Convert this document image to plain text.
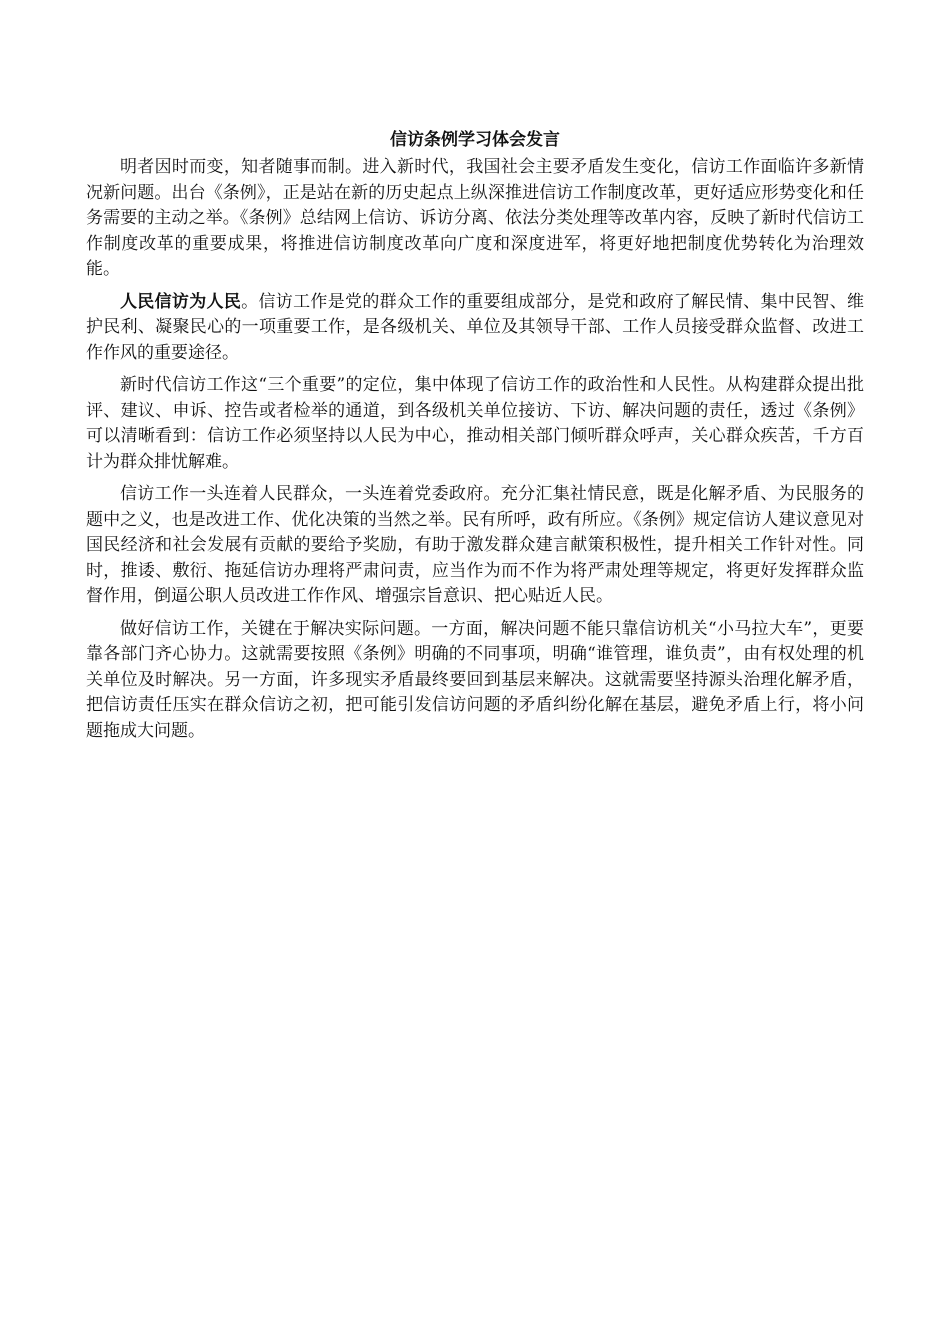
信访条例学习体会发言

明者因时而变，知者随事而制。进入新时代，我国社会主要矛盾发生变化，信访工作面临许多新情况新问题。出台《条例》，正是站在新的历史起点上纵深推进信访工作制度改革，更好适应形势变化和任务需要的主动之举。《条例》总结网上信访、诉访分离、依法分类处理等改革内容，反映了新时代信访工作制度改革的重要成果，将推进信访制度改革向广度和深度进军，将更好地把制度优势转化为治理效能。

人民信访为人民。信访工作是党的群众工作的重要组成部分，是党和政府了解民情、集中民智、维护民利、凝聚民心的一项重要工作，是各级机关、单位及其领导干部、工作人员接受群众监督、改进工作作风的重要途径。

新时代信访工作这“三个重要”的定位，集中体现了信访工作的政治性和人民性。从构建群众提出批评、建议、申诉、控告或者检举的通道，到各级机关单位接访、下访、解决问题的责任，透过《条例》可以清晰看到：信访工作必须坚持以人民为中心，推动相关部门倾听群众呼声，关心群众疾苦，千方百计为群众排忧解难。

信访工作一头连着人民群众，一头连着党委政府。充分汇集社情民意，既是化解矛盾、为民服务的题中之义，也是改进工作、优化决策的当然之举。民有所呼，政有所应。《条例》规定信访人建议意见对国民经济和社会发展有贡献的要给予奖励，有助于激发群众建言献策积极性，提升相关工作针对性。同时，推诿、敷衍、拖延信访办理将严肃问责，应当作为而不作为将严肃处理等规定，将更好发挥群众监督作用，倒逼公职人员改进工作作风、增强宗旨意识、把心贴近人民。

做好信访工作，关键在于解决实际问题。一方面，解决问题不能只靠信访机关“小马拉大车”，更要靠各部门齐心协力。这就需要按照《条例》明确的不同事项，明确“谁管理，谁负责”，由有权处理的机关单位及时解决。另一方面，许多现实矛盾最终要回到基层来解决。这就需要坚持源头治理化解矛盾，把信访责任压实在群众信访之初，把可能引发信访问题的矛盾纠纷化解在基层，避免矛盾上行，将小问题拖成大问题。
